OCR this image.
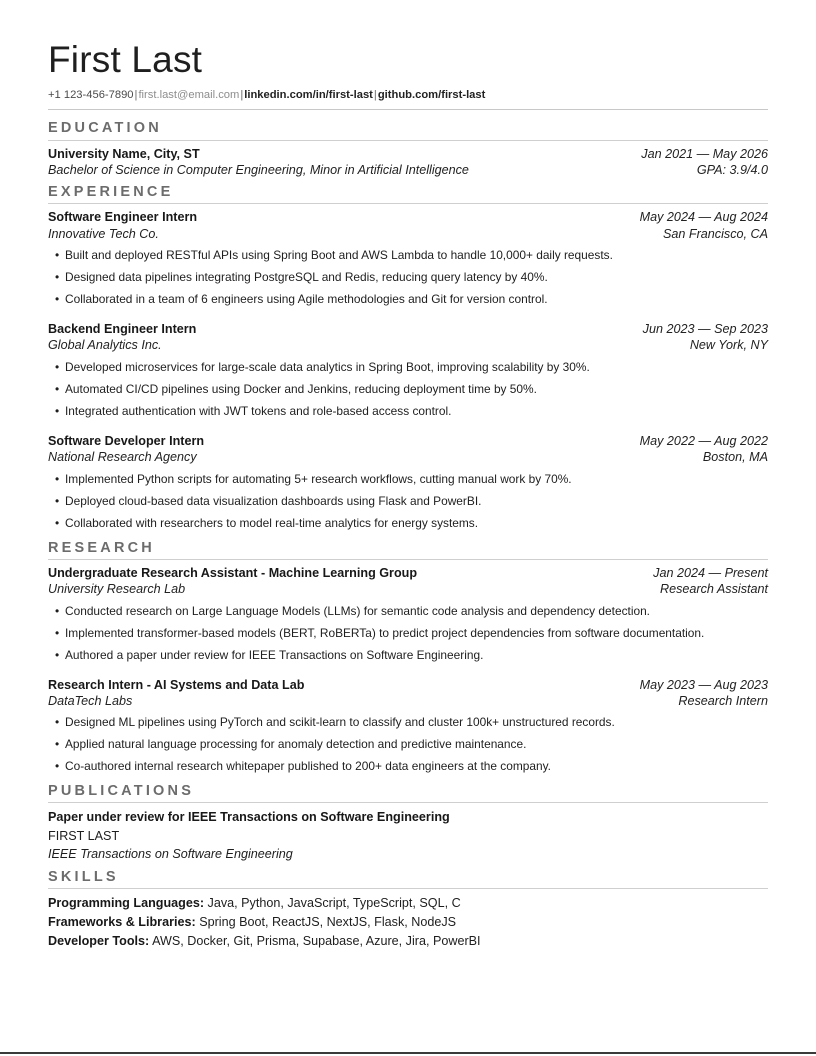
First Last
+1 123-456-7890|first.last@email.com|linkedin.com/in/first-last|github.com/first-last
EDUCATION
University Name, City, ST	Jan 2021 — May 2026
Bachelor of Science in Computer Engineering, Minor in Artificial Intelligence	GPA: 3.9/4.0
EXPERIENCE
Software Engineer Intern	May 2024 — Aug 2024
Innovative Tech Co.	San Francisco, CA
• Built and deployed RESTful APIs using Spring Boot and AWS Lambda to handle 10,000+ daily requests.
• Designed data pipelines integrating PostgreSQL and Redis, reducing query latency by 40%.
• Collaborated in a team of 6 engineers using Agile methodologies and Git for version control.
Backend Engineer Intern	Jun 2023 — Sep 2023
Global Analytics Inc.	New York, NY
• Developed microservices for large-scale data analytics in Spring Boot, improving scalability by 30%.
• Automated CI/CD pipelines using Docker and Jenkins, reducing deployment time by 50%.
• Integrated authentication with JWT tokens and role-based access control.
Software Developer Intern	May 2022 — Aug 2022
National Research Agency	Boston, MA
• Implemented Python scripts for automating 5+ research workflows, cutting manual work by 70%.
• Deployed cloud-based data visualization dashboards using Flask and PowerBI.
• Collaborated with researchers to model real-time analytics for energy systems.
RESEARCH
Undergraduate Research Assistant - Machine Learning Group	Jan 2024 — Present
University Research Lab	Research Assistant
• Conducted research on Large Language Models (LLMs) for semantic code analysis and dependency detection.
• Implemented transformer-based models (BERT, RoBERTa) to predict project dependencies from software documentation.
• Authored a paper under review for IEEE Transactions on Software Engineering.
Research Intern - AI Systems and Data Lab	May 2023 — Aug 2023
DataTech Labs	Research Intern
• Designed ML pipelines using PyTorch and scikit-learn to classify and cluster 100k+ unstructured records.
• Applied natural language processing for anomaly detection and predictive maintenance.
• Co-authored internal research whitepaper published to 200+ data engineers at the company.
PUBLICATIONS
Paper under review for IEEE Transactions on Software Engineering
FIRST LAST
IEEE Transactions on Software Engineering
SKILLS
Programming Languages: Java, Python, JavaScript, TypeScript, SQL, C
Frameworks & Libraries: Spring Boot, ReactJS, NextJS, Flask, NodeJS
Developer Tools: AWS, Docker, Git, Prisma, Supabase, Azure, Jira, PowerBI
